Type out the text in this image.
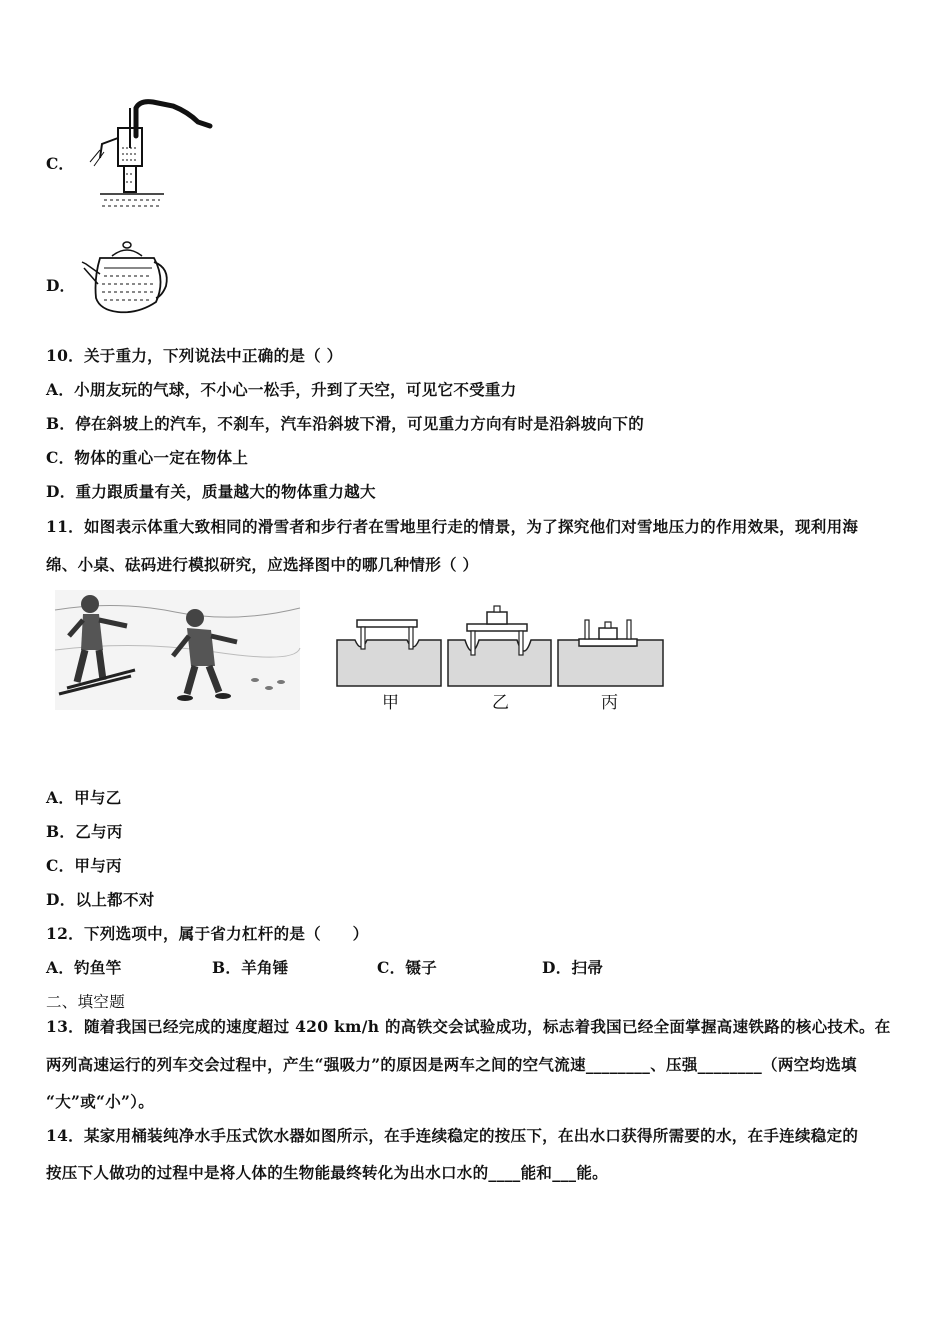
C．
D．
10．关于重力，下列说法中正确的是（ ）
A．小朋友玩的气球，不小心一松手，升到了天空，可见它不受重力
B．停在斜坡上的汽车，不刹车，汽车沿斜坡下滑，可见重力方向有时是沿斜坡向下的
C．物体的重心一定在物体上
D．重力跟质量有关，质量越大的物体重力越大
11．如图表示体重大致相同的滑雪者和步行者在雪地里行走的情景，为了探究他们对雪地压力的作用效果，现利用海
绵、小桌、砝码进行模拟研究，应选择图中的哪几种情形（ ）
甲	乙	丙
A．甲与乙
B．乙与丙
C．甲与丙
D．以上都不对
12．下列选项中，属于省力杠杆的是（　　）
A．钓鱼竿	B．羊角锤	C．镊子	D．扫帚
二、填空题
13．随着我国已经完成的速度超过 420 km/h 的高铁交会试验成功，标志着我国已经全面掌握高速铁路的核心技术。在
两列高速运行的列车交会过程中，产生“强吸力”的原因是两车之间的空气流速________、压强________（两空均选填
“大”或“小”）。
14．某家用桶装纯净水手压式饮水器如图所示，在手连续稳定的按压下，在出水口获得所需要的水，在手连续稳定的
按压下人做功的过程中是将人体的生物能最终转化为出水口水的____能和___能。
